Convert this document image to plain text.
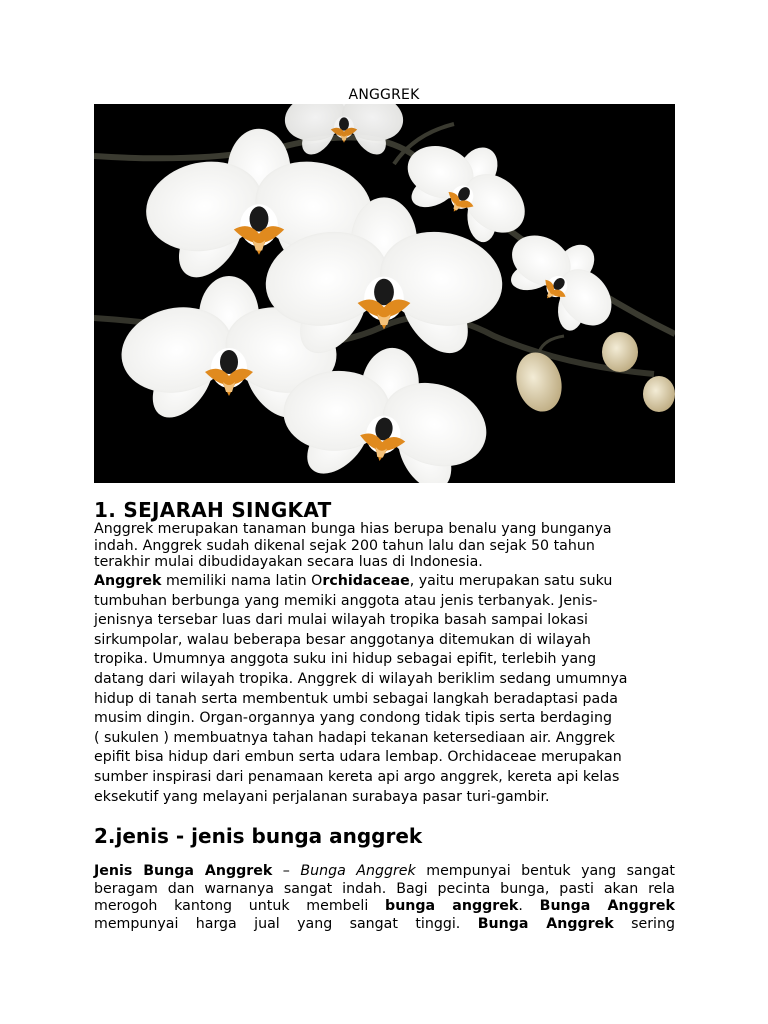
ANGGREK
1. SEJARAH SINGKAT
Anggrek merupakan tanaman bunga hias berupa benalu yang bunganya
indah. Anggrek sudah dikenal sejak 200 tahun lalu dan sejak 50 tahun
terakhir mulai dibudidayakan secara luas di Indonesia.
Anggrek memiliki nama latin Orchidaceae, yaitu merupakan satu suku
tumbuhan berbunga yang memiki anggota atau jenis terbanyak. Jenis-
jenisnya tersebar luas dari mulai wilayah tropika basah sampai lokasi
sirkumpolar, walau beberapa besar anggotanya ditemukan di wilayah
tropika. Umumnya anggota suku ini hidup sebagai epifit, terlebih yang
datang dari wilayah tropika. Anggrek di wilayah beriklim sedang umumnya
hidup di tanah serta membentuk umbi sebagai langkah beradaptasi pada
musim dingin. Organ-organnya yang condong tidak tipis serta berdaging
( sukulen ) membuatnya tahan hadapi tekanan ketersediaan air. Anggrek
epifit bisa hidup dari embun serta udara lembap. Orchidaceae merupakan
sumber inspirasi dari penamaan kereta api argo anggrek, kereta api kelas
eksekutif yang melayani perjalanan surabaya pasar turi-gambir.
2.jenis - jenis bunga anggrek
Jenis Bunga Anggrek – Bunga Anggrek mempunyai bentuk yang sangat
beragam dan warnanya sangat indah. Bagi pecinta bunga, pasti akan rela
merogoh kantong untuk membeli bunga anggrek. Bunga Anggrek
mempunyai harga jual yang sangat tinggi. Bunga Anggrek sering
